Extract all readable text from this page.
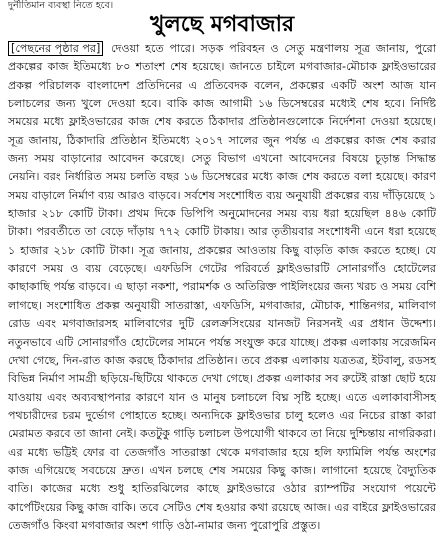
দুর্নীতিমান ব্যবস্থা নিতে হবে।
খুলছে মগবাজার
[পেছনের পৃষ্ঠার পর] দেওয়া হতে পারে। সড়ক পরিবহন ও সেতু মন্ত্রণালয় সূত্র জানায়, পুরো প্রকল্পের কাজ ইতিমধ্যে ৮০ শতাংশ শেষ হয়েছে। জানতে চাইলে মগবাজার-মৌচাক ফ্লাইওভারের প্রকল্প পরিচালক বাংলাদেশ প্রতিদিনের এ প্রতিবেদক বলেন, প্রকল্পের একটি অংশ আজ যান চলাচলের জন্য খুলে দেওয়া হবে। বাকি কাজ আগামী ১৬ ডিসেম্বরের মধ্যেই শেষ হবে। নির্দিষ্ট সময়ের মধ্যে ফ্লাইওভারের কাজ শেষ করতে ঠিকাদার প্রতিষ্ঠানগুলোকে নির্দেশনা দেওয়া হয়েছে। সূত্র জানায়, ঠিকাদারি প্রতিষ্ঠান ইতিমধ্যে ২০১৭ সালের জুন পর্যন্ত এ প্রকল্পের কাজ শেষ করার জন্য সময় বাড়ানোর আবেদন করেছে। সেতু বিভাগ এখনো আবেদনের বিষয়ে চূড়ান্ত সিদ্ধান্ত নেয়নি। বরং নির্ধারিত সময় চলতি বছর ১৬ ডিসেম্বরের মধ্যে কাজ শেষ করতে বলা হয়েছে। কারণ সময় বাড়ালে নির্মাণ ব্যয় আরও বাড়বে। সর্বশেষ সংশোধিত ব্যয় অনুযায়ী প্রকল্পের ব্যয় দাঁড়িয়েছে ১ হাজার ২১৮ কোটি টাকা। প্রথম দিকে ডিপিপি অনুমোদনের সময় ব্যয় ধরা হয়েছিল ৪৪৬ কোটি টাকা। পরবর্তীতে তা বেড়ে দাঁড়ায় ৭৭২ কোটি টাকায়। আর তৃতীয়বার সংশোধনী এনে ধরা হয়েছে ১ হাজার ২১৮ কোটি টাকা। সূত্র জানায়, প্রকল্পের আওতায় কিছু বাড়তি কাজ করতে হচ্ছে। যে কারণে সময় ও ব্যয় বেড়েছে। এফডিসি গেটের পরিবর্তে ফ্লাইওভারটি সোনারগাঁও হোটেলের কাছাকাছি পর্যন্ত বাড়বে। এ ছাড়া নকশা, পরামর্শক ও অতিরিক্ত পাইলিংয়ের জন্য খরচ ও সময় বেশি লাগছে। সংশোধিত প্রকল্প অনুযায়ী সাতরাস্তা, এফডিসি, মগবাজার, মৌচাক, শান্তিনগর, মালিবাগ রোড এবং মগবাজারসহ মালিবাগের দুটি রেলক্রসিংয়ের যানজট নিরসনই এর প্রধান উদ্দেশ্য। নতুনভাবে এটি সোনারগাঁও হোটেলের সামনে পর্যন্ত সংযুক্ত করে যাচ্ছে। প্রকল্প এলাকায় সরেজমিন দেখা গেছে, দিন-রাত কাজ করছে ঠিকাদার প্রতিষ্ঠান। তবে প্রকল্প এলাকায় যত্রতত্র, ইটবালু, রডসহ বিভিন্ন নির্মাণ সামগ্রী ছড়িয়ে-ছিটিয়ে থাকতে দেখা গেছে। প্রকল্প এলাকার সব রুটেই রাস্তা ছোট হয়ে যাওয়ায় এবং অব্যবস্থাপনার কারণে যান ও মানুষ চলাচলে বিঘ্ন সৃষ্টি হচ্ছে। এতে এলাকাবাসীসহ পথচারীদের চরম দুর্ভোগ পোহাতে হচ্ছে। অন্যদিকে ফ্লাইওভার চালু হলেও এর নিচের রাস্তা কারা মেরামত করবে তা জানা নেই। কতটুকু গাড়ি চলাচল উপযোগী থাকবে তা নিয়ে দুশ্চিন্তায় নাগরিকরা। এর মধ্যে ভট্টিই ফোর বা তেজগাঁও সাতরাস্তা থেকে মগবাজার হয়ে হলি ফ্যামিলি পর্যন্ত অংশের কাজ এগিয়েছে সবচেয়ে দ্রুত। এখন চলছে শেষ সময়ের কিছু কাজ। লাগানো হয়েছে বৈদ্যুতিক বাতি। কাজের মধ্যে শুধু হাতিরঝিলের কাছে ফ্লাইওভারে ওঠার র‌্যাম্পটির সংযোগ পয়েন্টে কার্পেটিংয়ের কিছু কাজ বাকি। তবে সেটিও শেষ হওয়ার কথা রয়েছে আজ। এর বাইরে ফ্লাইওভারের তেজগাঁও কিংবা মগবাজার অংশ গাড়ি ওঠা-নামার জন্য পুরোপুরি প্রস্তুত।
